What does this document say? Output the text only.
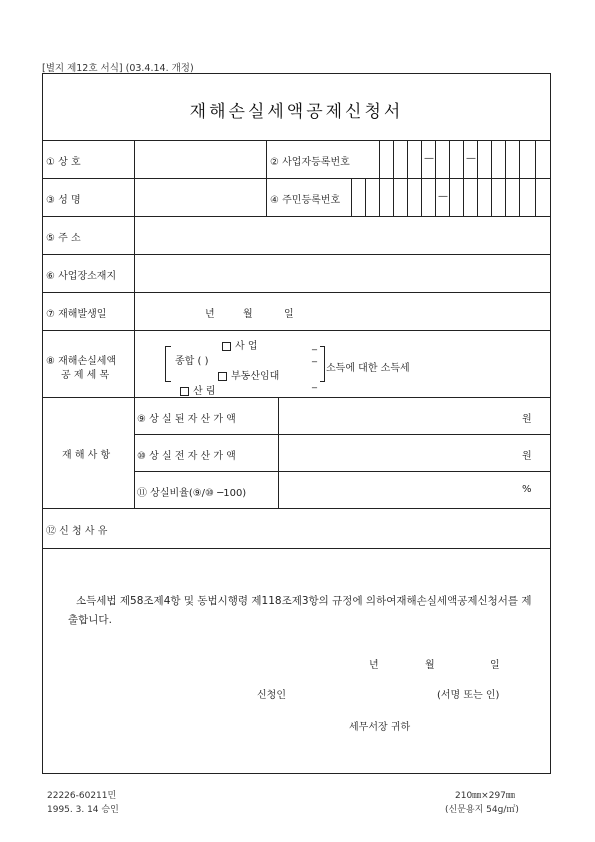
[별지 제12호 서식] (03.4.14. 개정)
재해손실세액공제신청서
① 상 호	② 사업자등록번호	—	—
③ 성 명	④ 주민등록번호	—
⑤ 주 소
⑥ 사업장소재지
⑦ 재해발생일	년	월	일
⑧ 재해손실세액
공 제 세 목
사 업	_
종합 ( )	_
부동산임대
산 림
_
소득에 대한 소득세
재 해 사 항
⑨ 상 실 된 자 산 가 액	원
⑩ 상 실 전 자 산 가 액	원
⑪ 상실비율(⑨/⑩ ─100)	%
⑫ 신 청 사 유
소득세법 제58조제4항 및 동법시행령 제118조제3항의 규정에 의하여재해손실세액공제신청서를 제출합니다.
년	월	일
신청인	(서명 또는 인)
세무서장 귀하
22226-60211민
1995. 3. 14 승인
210㎜×297㎜
(신문용지 54g/㎡)
